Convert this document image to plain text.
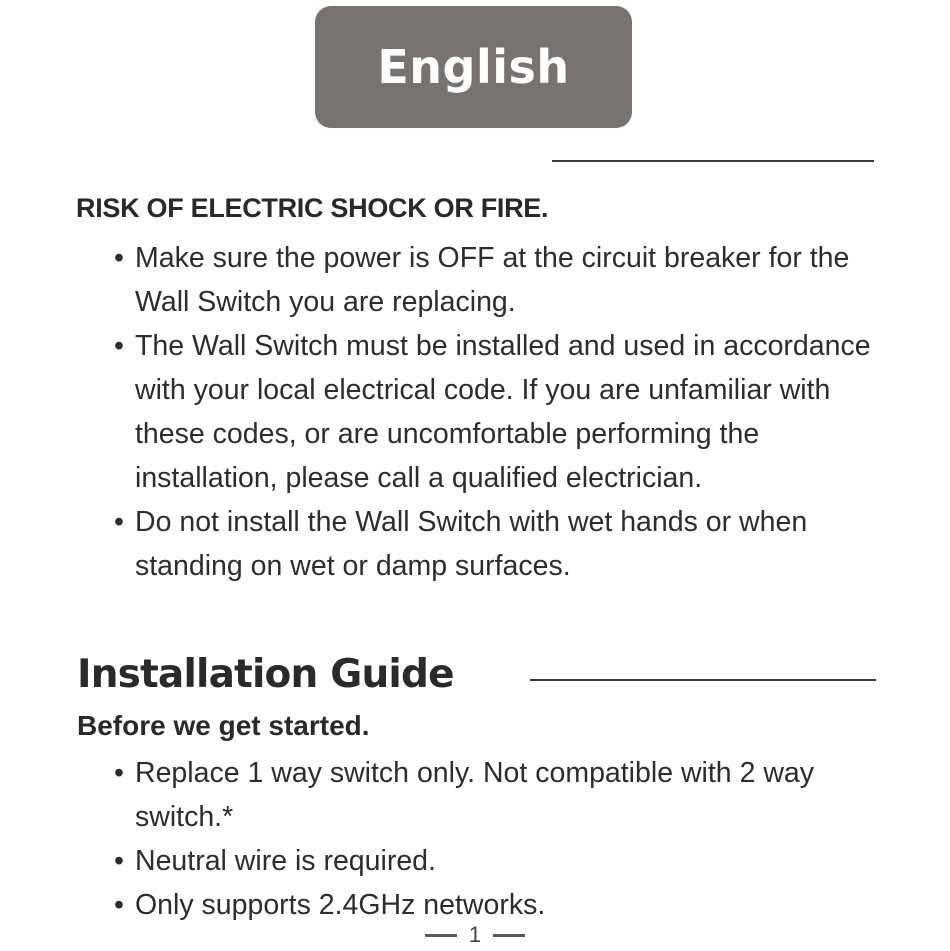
English
RISK OF ELECTRIC SHOCK OR FIRE.
• Make sure the power is OFF at the circuit breaker for the Wall Switch you are replacing.
• The Wall Switch must be installed and used in accordance with your local electrical code. If you are unfamiliar with these codes, or are uncomfortable performing the installation, please call a qualified electrician.
• Do not install the Wall Switch with wet hands or when standing on wet or damp surfaces.
Installation Guide
Before we get started.
• Replace 1 way switch only. Not compatible with 2 way switch.*
• Neutral wire is required.
• Only supports 2.4GHz networks.
1
